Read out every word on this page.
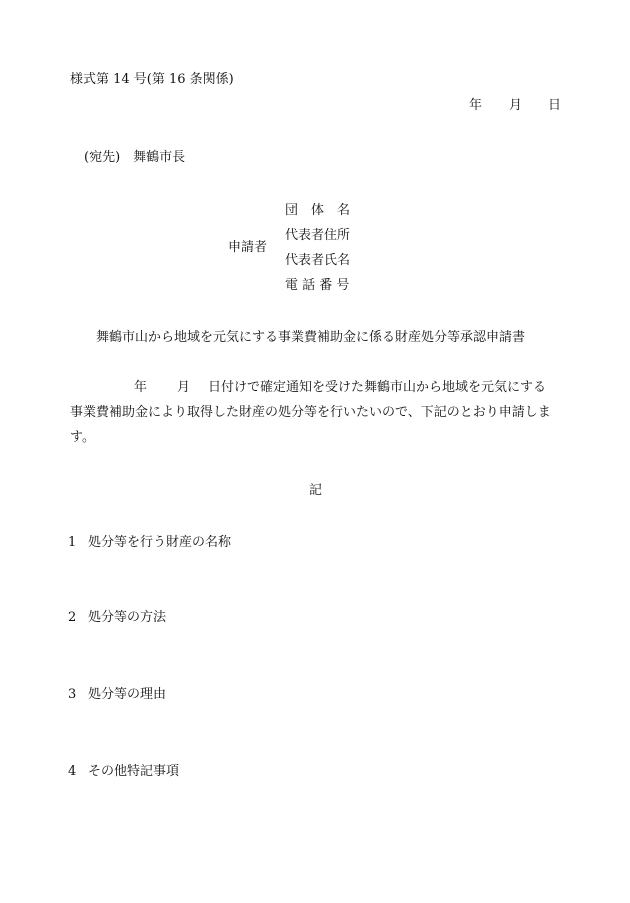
様式第 14 号(第 16 条関係)
年 月 日
(宛先)　舞鶴市長
申請者
団　体　名
代表者住所
代表者氏名
電 話 番 号
舞鶴市山から地域を元気にする事業費補助金に係る財産処分等承認申請書
年 月 日付けで確定通知を受けた舞鶴市山から地域を元気にする
事業費補助金により取得した財産の処分等を行いたいので、下記のとおり申請しま
す。
記
1 処分等を行う財産の名称
2 処分等の方法
3 処分等の理由
4 その他特記事項
